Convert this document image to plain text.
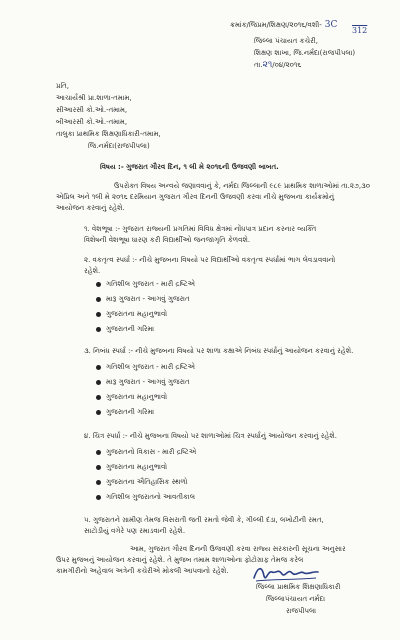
ક્રમાંક/જિપ્રમ/શિક્ષણ/૨૦૧૬/વશી- 3C
312
જિલ્લા પંચાયત કચેરી,
શિક્ષણ શાખા, જિ.નર્મદા(રાજપીપલા)
તા.૨૧/૦૪/૨૦૧૬
પ્રતિ,
આચાર્યશ્રી પ્રા.શાળા-તમામ,
સીઆરસી કો.ઓ.-તમામ,
બીઆરસી કો.ઓ.-તમામ,
તાલુકા પ્રાથમિક શિક્ષણાધિકારી-તમામ,
જિ.નર્મદા(રાજપીપલા)
વિષય :- ગુજરાત ગૌરવ દિન, ૧ લી મે ૨૦૧૬ની ઉજવણી બાબત.
ઉપરોક્ત વિષય અન્વયે જણાવવાનું કે, નર્મદા જિલ્લાની ૯૮૯ પ્રાથમિક શાળાઓમાં તા.૨૭,૩૦
એપ્રિલ અને ૧લી મે ૨૦૧૬ દરમિયાન ગુજરાત ગૌરવ દિનની ઉજવણી કરવા નીચે મુજબના કાર્યક્રમોનું
આયોજન કરવાનું રહેશે.
૧. વેશભૂષા :- ગુજરાત રાજ્યની પ્રગતિમાં વિવિધ ક્ષેત્રમાં નોંધપાત્ર પ્રદાન કરનાર વ્યક્તિ
વિશેષની વેશભૂષા ધારણ કરી વિદ્યાર્થીઓ જનજાગૃતિ કેળવશે.
૨. વકતૃત્વ સ્પર્ધા :- નીચે મુજબના વિષયો પર વિદ્યાર્થીઓ વકતૃત્વ સ્પર્ધામાં ભાગ લેવડાવવાનો
રહેશે.
ગતિશીલ ગુજરાત - મારી દ્રષ્ટિએ
મારૂ ગુજરાત - આગવું ગુજરાત
ગુજરાતના મહાનુભાવો
ગુજરાતની ગરિમા
૩. નિબંધ સ્પર્ધા :- નીચે મુજબના વિષયો પર શાળા કક્ષાએ નિબંધ સ્પર્ધાનું આયોજન કરવાનું રહેશે.
ગતિશીલ ગુજરાત - મારી દ્રષ્ટિએ
મારૂ ગુજરાત - આગવું ગુજરાત
ગુજરાતના મહાનુભાવો
ગુજરાતની ગરિમા
૪. ચિત્ર સ્પર્ધા :- નીચે મુજબના વિષયો પર શાળાઓમાં ચિત્ર સ્પર્ધાનું આયોજન કરવાનું રહેશે.
ગુજરાતનો વિકાસ - મારી દ્રષ્ટિએ
ગુજરાતના મહાનુભાવો
ગુજરાતના ઐતિહાસિક સ્થળો
ગતિશીલ ગુજરાતનો આવતીકાલ
૫. ગુજરાતને ગ્રામીણ તેમજ વિસરાતી જતી રમતો જેવી કે, ગીલ્લી દંડા, લખોટીની રમત,
સાટોડીયું વગેરે પણ રમાડવાની રહેશે.
આમ, ગુજરાત ગૌરવ દિનની ઉજવણી કરવા રાજ્ય સરકારની સૂચના અનુસાર
ઉપર મુજબનું આયોજન કરવાનું રહેશે. તે મુજબ તમામ શાળાઓના ફોટોગ્રાફ તેમજ કરેલ
કામગીરીનો અહેવાલ અત્રેની કચેરીએ મોકલી આપવાનો રહેશે.
જિલ્લા પ્રાથમિક શિક્ષણાધિકારી
જિલ્લાપંચાયત નર્મદા
રાજપીપલા
